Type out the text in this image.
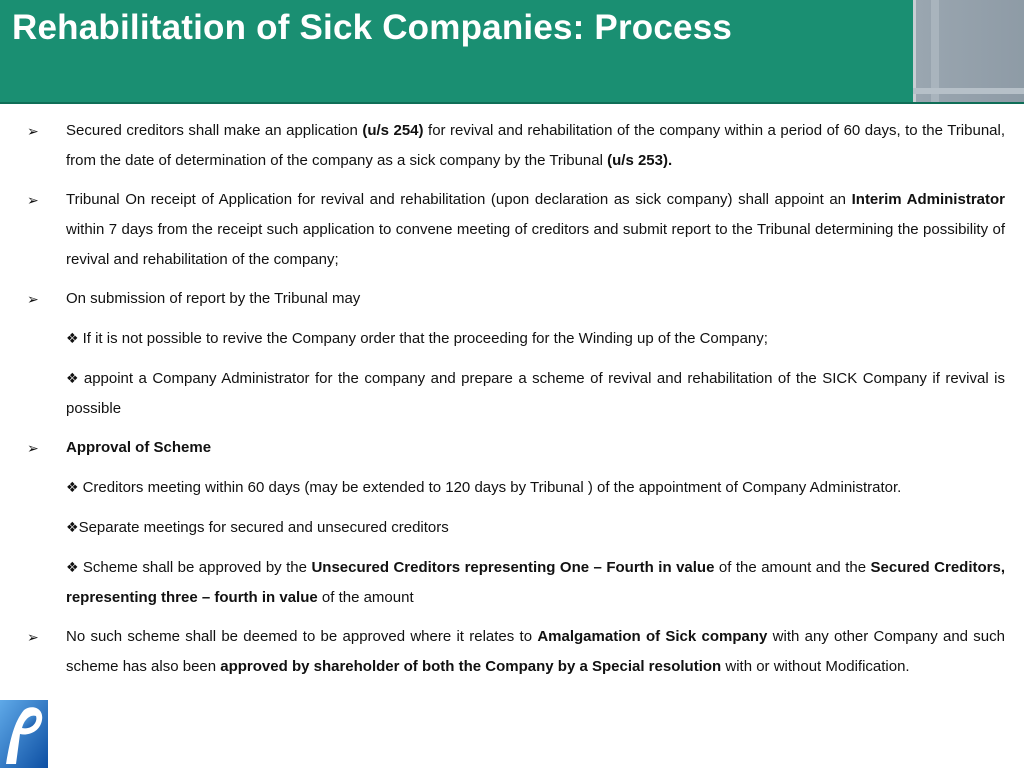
Rehabilitation of Sick Companies: Process
➢ Secured creditors shall make an application (u/s 254) for revival and rehabilitation of the company within a period of 60 days, to the Tribunal, from the date of determination of the company as a sick company by the Tribunal (u/s 253).
➢ Tribunal On receipt of Application for revival and rehabilitation (upon declaration as sick company) shall appoint an Interim Administrator within 7 days from the receipt such application to convene meeting of creditors and submit report to the Tribunal determining the possibility of revival and rehabilitation of the company;
➢ On submission of report by the Tribunal may
❖ If it is not possible to revive the Company order that the proceeding for the Winding up of the Company;
❖ appoint a Company Administrator for the company and prepare a scheme of revival and rehabilitation of the SICK Company if revival is possible
➢ Approval of Scheme
❖ Creditors meeting within 60 days (may be extended to 120 days by Tribunal ) of the appointment of Company Administrator.
❖Separate meetings for secured and unsecured creditors
❖ Scheme shall be approved by the Unsecured Creditors representing One – Fourth in value of the amount and the Secured Creditors, representing three – fourth in value of the amount
➢ No such scheme shall be deemed to be approved where it relates to Amalgamation of Sick company with any other Company and such scheme has also been approved by shareholder of both the Company by a Special resolution with or without Modification.
